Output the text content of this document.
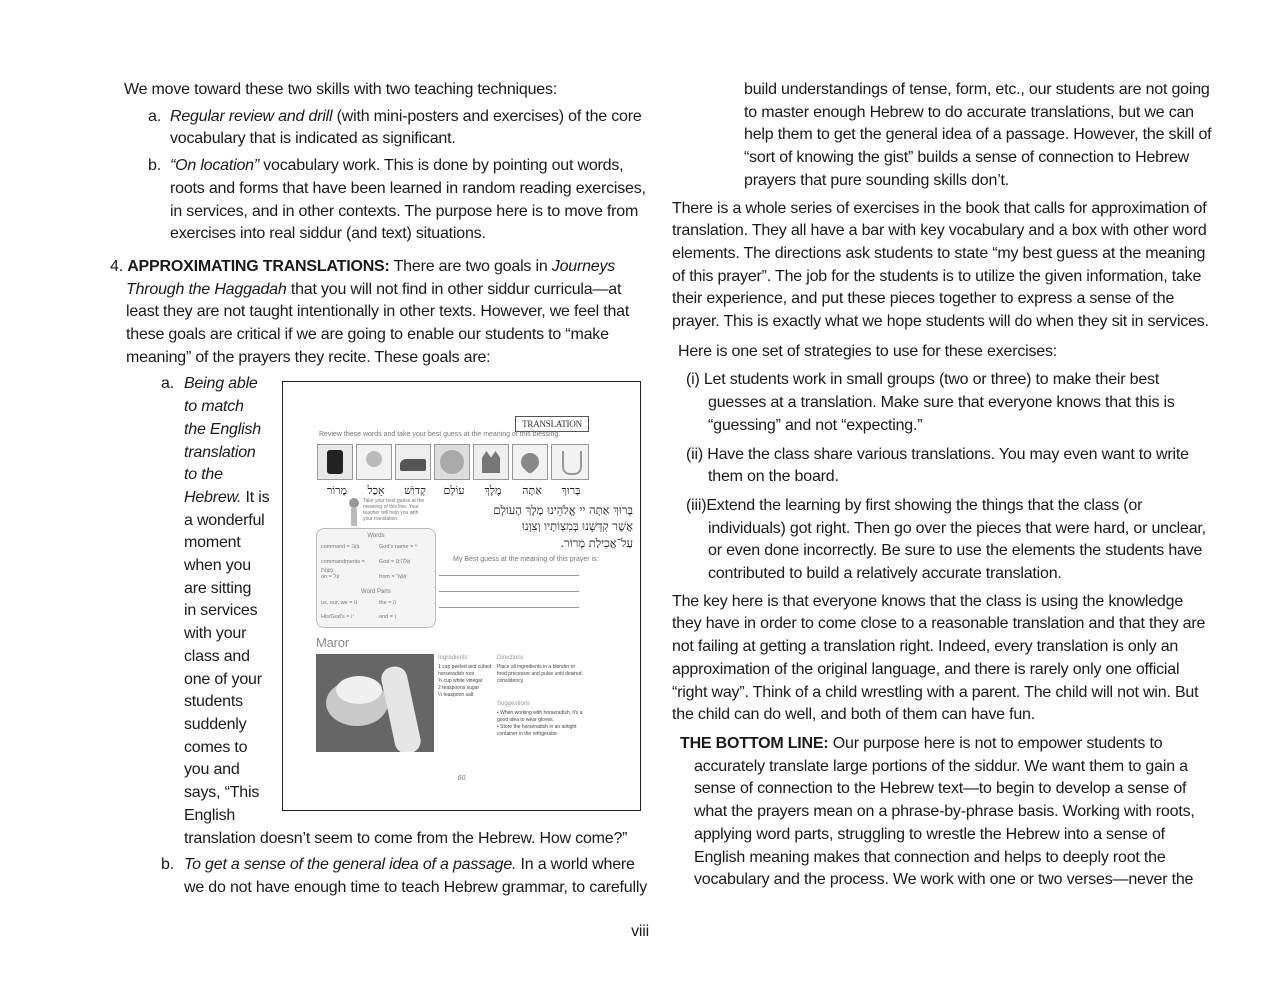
We move toward these two skills with two teaching techniques:

a. Regular review and drill (with mini-posters and exercises) of the core vocabulary that is indicated as significant.
b. “On location” vocabulary work. This is done by pointing out words, roots and forms that have been learned in random reading exercises, in services, and in other contexts. The purpose here is to move from exercises into real siddur (and text) situations.
4. APPROXIMATING TRANSLATIONS: There are two goals in Journeys Through the Haggadah that you will not find in other siddur curricula—at least they are not taught intentionally in other texts. However, we feel that these goals are critical if we are going to enable our students to “make meaning” of the prayers they recite. These goals are:
a. Being able
to match
the English
translation
to the
Hebrew. It is
a wonderful
moment
when you
are sitting
in services
with your
class and
one of your
students
suddenly
comes to
you and
says, “This
English
translation doesn’t seem to come from the Hebrew. How come?”
b. To get a sense of the general idea of a passage. In a world where we do not have enough time to teach Hebrew grammar, to carefully
TRANSLATION
Review these words and take your best guess at the meaning of this blessing.
מָרוֹר	אָכַל	קָדוֹשׁ	עוֹלָם	מֶלֶךְ	אַתָּה	בָּרוּךְ
Take your best guess at the meaning of this line. Your teacher will help you with your translation.
בָּרוּךְ אַתָּה יי אֱלֹהֵינוּ מֶלֶךְ הָעוֹלָם
אֲשֶׁר קִדְּשָׁנוּ בְּמִצְוֹתָיו וְצִוָּנוּ
עַל־אֲכִילַת מָרוֹר.
Words
command = צִוָּה	God’s name = יי
commandments = מִצְוֹת
God = אֱלֹהִים
on = עַל	from = אֲשֶׁר
Word Parts
us, our, we = נוּ	the = הָ
His/God’s = יו	and = וְ
My Best guess at the meaning of this prayer is:
Maror
Ingredients
1 cup peeled and cubed
horseradish root
¾ cup white vinegar
2 teaspoons sugar
¼ teaspoon salt
Directions
Place all ingredients in a blender or
food processor and pulse until desired
consistency.
Suggestions
• When working with horseradish, it’s a
good idea to wear gloves.
• Store the horseradish in an airtight
container in the refrigerator.
60

build understandings of tense, form, etc., our students are not going to master enough Hebrew to do accurate translations, but we can help them to get the general idea of a passage. However, the skill of “sort of knowing the gist” builds a sense of connection to Hebrew prayers that pure sounding skills don’t.

There is a whole series of exercises in the book that calls for approximation of translation. They all have a bar with key vocabulary and a box with other word elements. The directions ask students to state “my best guess at the meaning of this prayer”. The job for the students is to utilize the given information, take their experience, and put these pieces together to express a sense of the prayer. This is exactly what we hope students will do when they sit in services.

Here is one set of strategies to use for these exercises:

(i) Let students work in small groups (two or three) to make their best guesses at a translation. Make sure that everyone knows that this is “guessing” and not “expecting.”

(ii) Have the class share various translations. You may even want to write them on the board.

(iii)Extend the learning by first showing the things that the class (or individuals) got right. Then go over the pieces that were hard, or unclear, or even done incorrectly. Be sure to use the elements the students have contributed to build a relatively accurate translation.

The key here is that everyone knows that the class is using the knowledge they have in order to come close to a reasonable translation and that they are not failing at getting a translation right. Indeed, every translation is only an approximation of the original language, and there is rarely only one official “right way”. Think of a child wrestling with a parent. The child will not win. But the child can do well, and both of them can have fun.

THE BOTTOM LINE: Our purpose here is not to empower students to accurately translate large portions of the siddur. We want them to gain a sense of connection to the Hebrew text—to begin to develop a sense of what the prayers mean on a phrase-by-phrase basis. Working with roots, applying word parts, struggling to wrestle the Hebrew into a sense of English meaning makes that connection and helps to deeply root the vocabulary and the process. We work with one or two verses—never the

viii
